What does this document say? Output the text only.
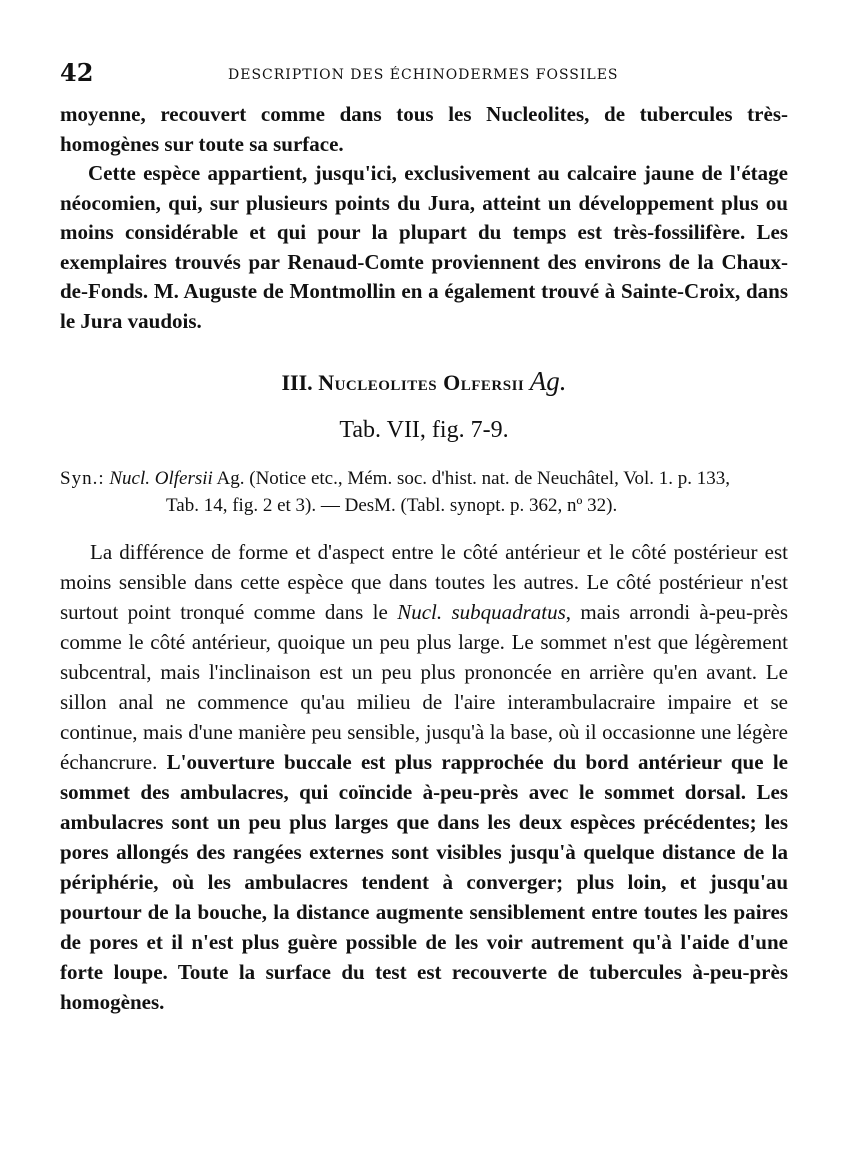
42	DESCRIPTION DES ÉCHINODERMES FOSSILES

moyenne, recouvert comme dans tous les Nucleolites, de tubercules très-homogènes sur toute sa surface.

Cette espèce appartient, jusqu'ici, exclusivement au calcaire jaune de l'étage néocomien, qui, sur plusieurs points du Jura, atteint un développement plus ou moins considérable et qui pour la plupart du temps est très-fossilifère. Les exemplaires trouvés par Renaud-Comte proviennent des environs de la Chaux-de-Fonds. M. Auguste de Montmollin en a également trouvé à Sainte-Croix, dans le Jura vaudois.

III. Nucleolites Olfersii Ag.
Tab. VII, fig. 7-9.
Syn.: Nucl. Olfersii Ag. (Notice etc., Mém. soc. d'hist. nat. de Neuchâtel, Vol. 1. p. 133,
Tab. 14, fig. 2 et 3). — DesM. (Tabl. synopt. p. 362, nº 32).

La différence de forme et d'aspect entre le côté antérieur et le côté postérieur est moins sensible dans cette espèce que dans toutes les autres. Le côté postérieur n'est surtout point tronqué comme dans le Nucl. subquadratus, mais arrondi à-peu-près comme le côté antérieur, quoique un peu plus large. Le sommet n'est que légèrement subcentral, mais l'inclinaison est un peu plus prononcée en arrière qu'en avant. Le sillon anal ne commence qu'au milieu de l'aire interambulacraire impaire et se continue, mais d'une manière peu sensible, jusqu'à la base, où il occasionne une légère échancrure. L'ouverture buccale est plus rapprochée du bord antérieur que le sommet des ambulacres, qui coïncide à-peu-près avec le sommet dorsal. Les ambulacres sont un peu plus larges que dans les deux espèces précédentes; les pores allongés des rangées externes sont visibles jusqu'à quelque distance de la périphérie, où les ambulacres tendent à converger; plus loin, et jusqu'au pourtour de la bouche, la distance augmente sensiblement entre toutes les paires de pores et il n'est plus guère possible de les voir autrement qu'à l'aide d'une forte loupe. Toute la surface du test est recouverte de tubercules à-peu-près homogènes.
